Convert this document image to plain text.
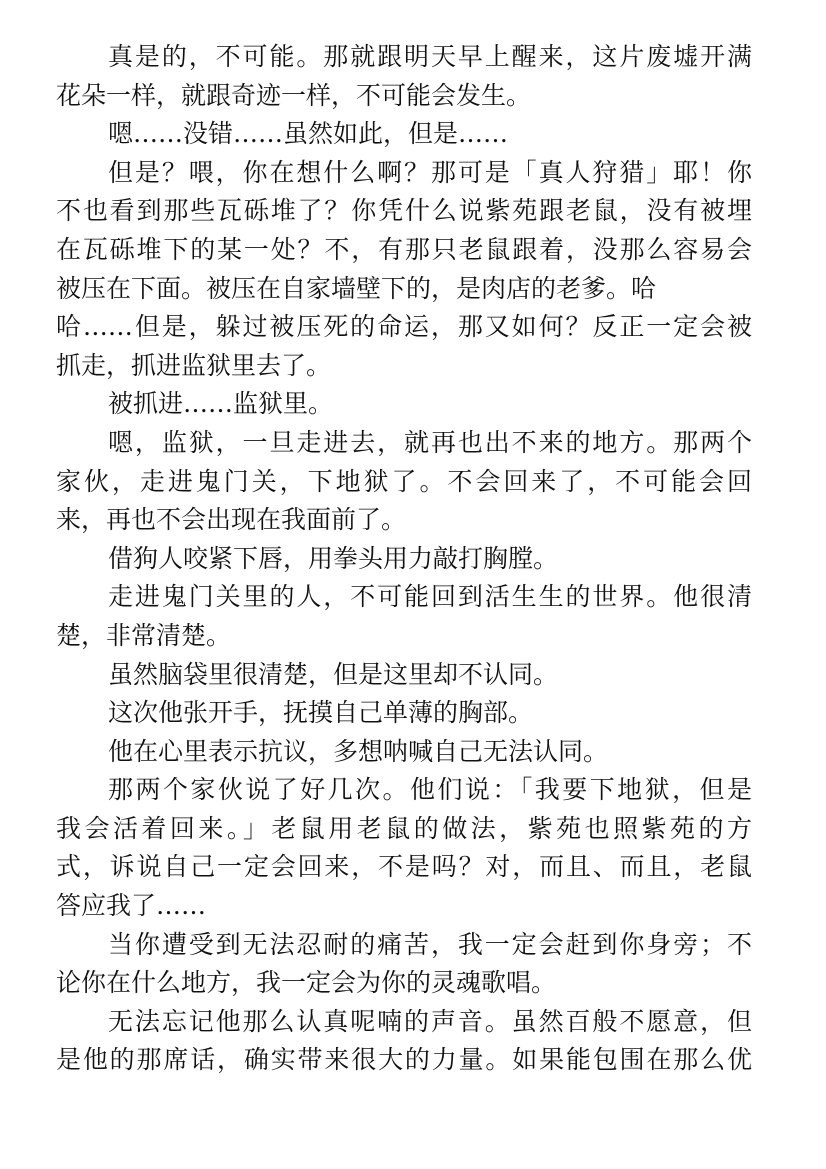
真是的，不可能。那就跟明天早上醒来，这片废墟开满
花朵一样，就跟奇迹一样，不可能会发生。
嗯……没错……虽然如此，但是……
但是？喂，你在想什么啊？那可是「真人狩猎」耶！你
不也看到那些瓦砾堆了？你凭什么说紫苑跟老鼠，没有被埋
在瓦砾堆下的某一处？不，有那只老鼠跟着，没那么容易会
被压在下面。被压在自家墙壁下的，是肉店的老爹。哈
哈……但是，躲过被压死的命运，那又如何？反正一定会被
抓走，抓进监狱里去了。
被抓进……监狱里。
嗯，监狱，一旦走进去，就再也出不来的地方。那两个
家伙，走进鬼门关，下地狱了。不会回来了，不可能会回
来，再也不会出现在我面前了。
借狗人咬紧下唇，用拳头用力敲打胸膛。
走进鬼门关里的人，不可能回到活生生的世界。他很清
楚，非常清楚。
虽然脑袋里很清楚，但是这里却不认同。
这次他张开手，抚摸自己单薄的胸部。
他在心里表示抗议，多想呐喊自己无法认同。
那两个家伙说了好几次。他们说：「我要下地狱，但是
我会活着回来。」老鼠用老鼠的做法，紫苑也照紫苑的方
式，诉说自己一定会回来，不是吗？对，而且、而且，老鼠
答应我了……
当你遭受到无法忍耐的痛苦，我一定会赶到你身旁；不
论你在什么地方，我一定会为你的灵魂歌唱。
无法忘记他那么认真呢喃的声音。虽然百般不愿意，但
是他的那席话，确实带来很大的力量。如果能包围在那么优
